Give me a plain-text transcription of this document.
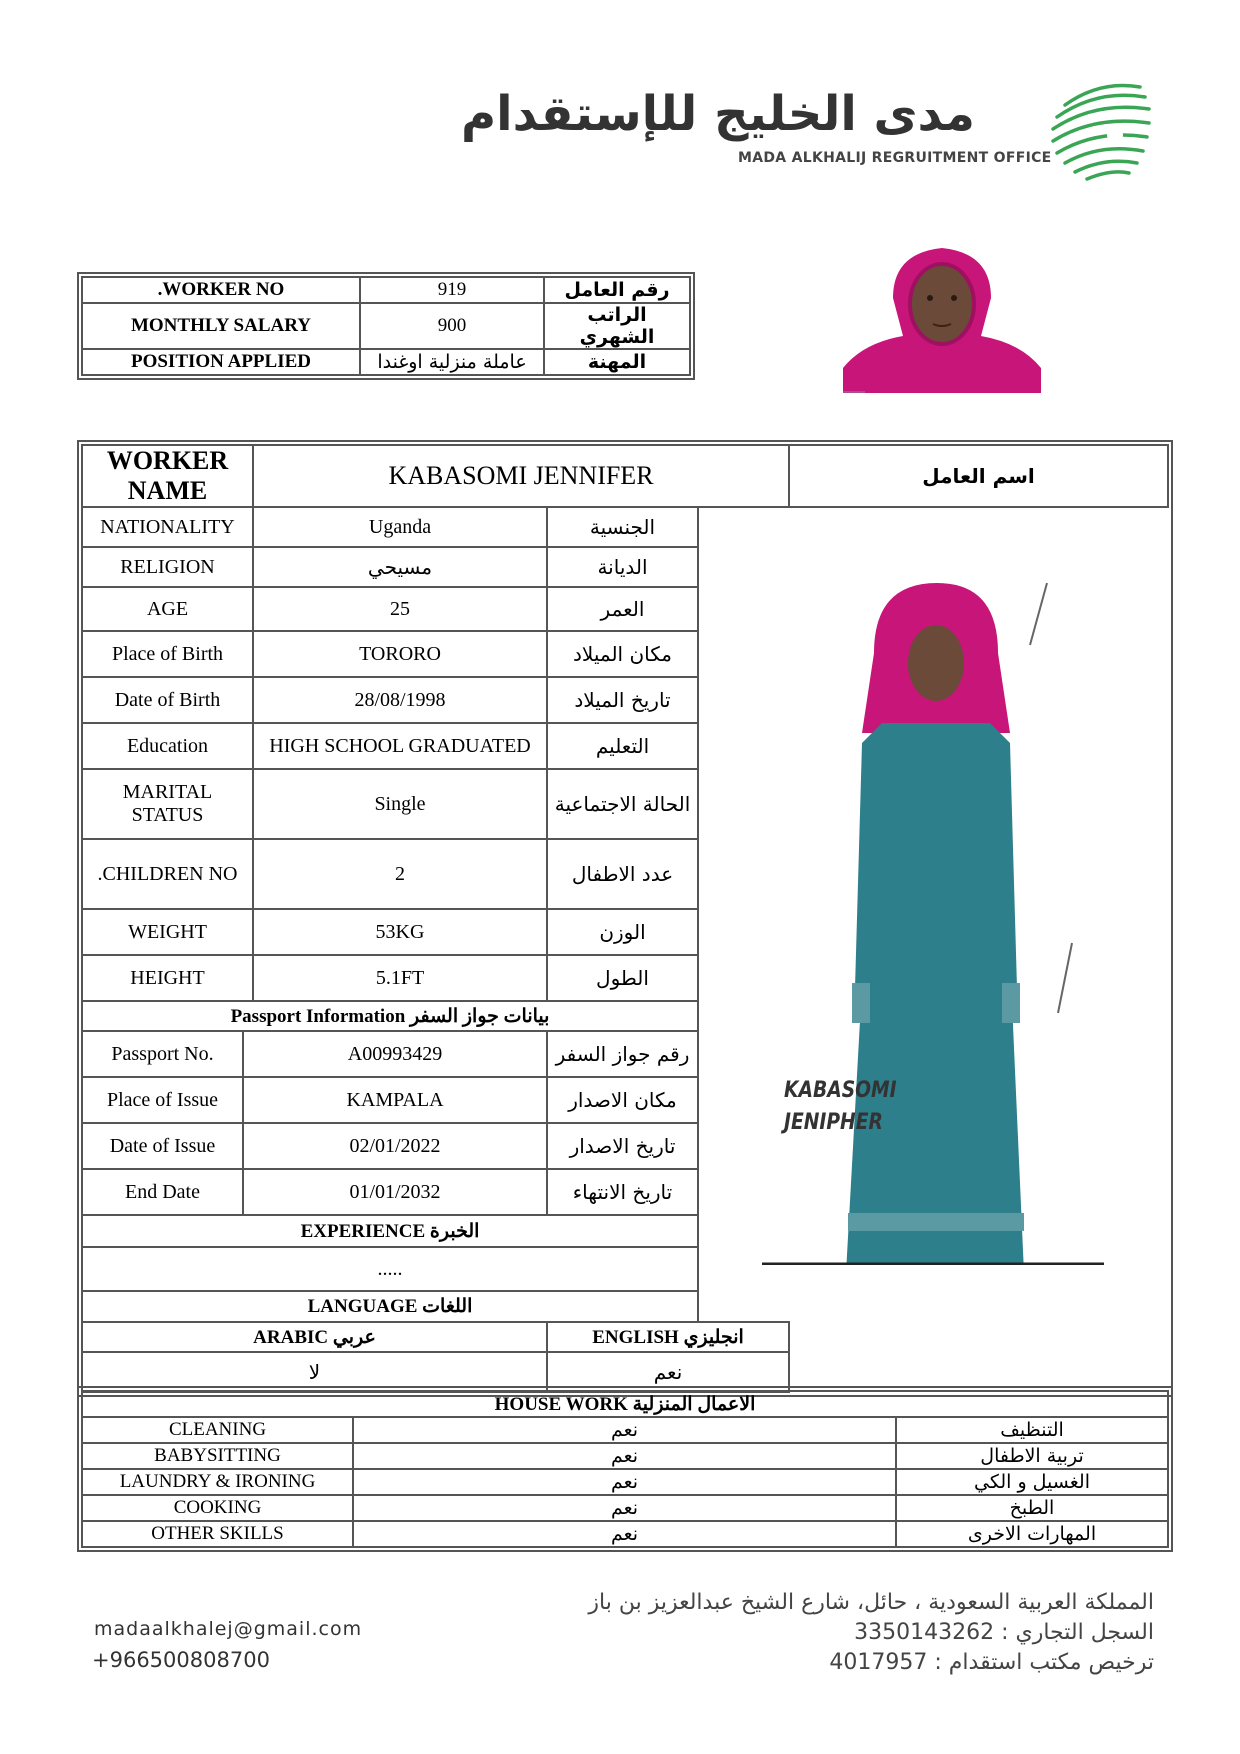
مدى الخليج للإستقدام
MADA ALKHALIJ REGRUITMENT OFFICE
.WORKER NO	919	رقم العامل
MONTHLY SALARY	900	الراتب الشهري
POSITION APPLIED	عاملة منزلية اوغندا	المهنة
WORKER NAME		KABASOMI JENNIFER			اسم العامل
NATIONALITY		Uganda	الجنسية		
RELIGION		مسيحي	الديانة		
AGE		25	العمر		
Place of Birth		TORORO	مكان الميلاد		
Date of Birth		28/08/1998	تاريخ الميلاد		
Education		HIGH SCHOOL GRADUATED	التعليم		
MARITAL STATUS		Single	الحالة الاجتماعية		
.CHILDREN NO		2	عدد الاطفال		
WEIGHT		53KG	الوزن		
HEIGHT		5.1FT	الطول		
Passport Information بيانات جواز السفر					
Passport No.	A00993429		رقم جواز السفر		
Place of Issue	KAMPALA		مكان الاصدار		
Date of Issue	02/01/2022		تاريخ الاصدار		
End Date	01/01/2032		تاريخ الانتهاء		
EXPERIENCE الخبرة					
.....					
LANGUAGE اللغات					
ARABIC عربي			ENGLISH انجليزي		
لا			نعم		
KABASOMI
JENIPHER
HOUSE WORK الاعمال المنزلية		
CLEANING	نعم	التنظيف
BABYSITTING	نعم	تربية الاطفال
LAUNDRY & IRONING	نعم	الغسيل و الكي
COOKING	نعم	الطبخ
OTHER SKILLS	نعم	المهارات الاخرى
madaalkhalej@gmail.com
+966500808700
المملكة العربية السعودية ، حائل، شارع الشيخ عبدالعزيز بن باز
السجل التجاري : 3350143262
ترخيص مكتب استقدام : 4017957
